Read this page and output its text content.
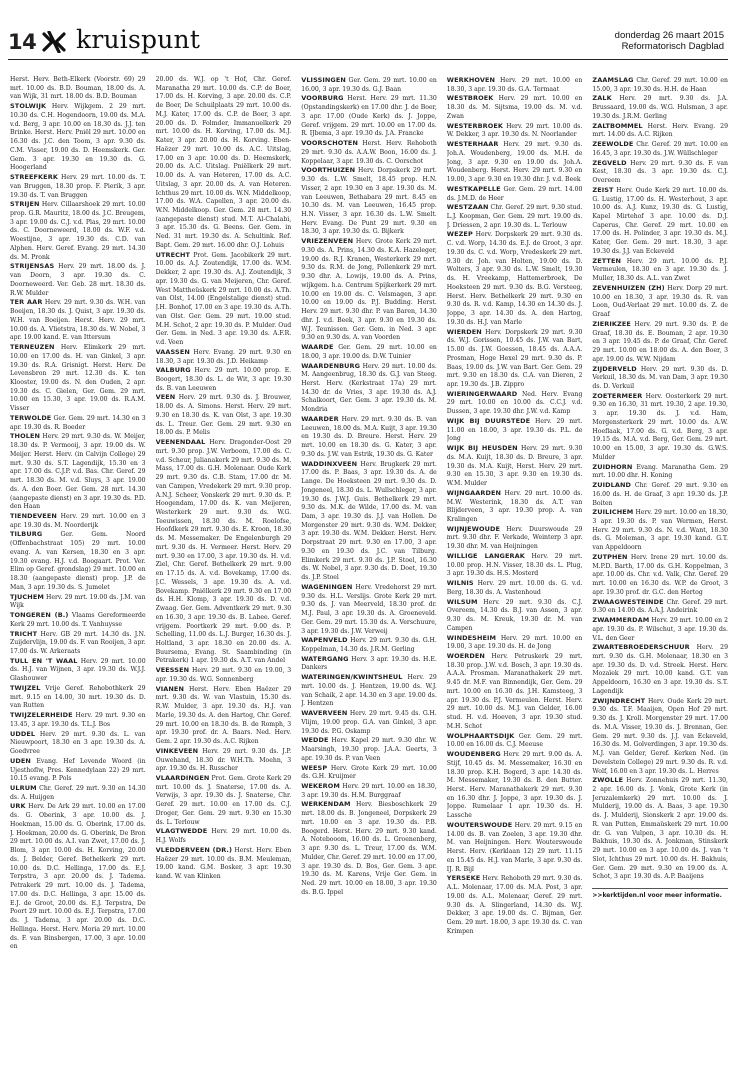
14 kruispunt	donderdag 26 maart 2015
Reformatorisch Dagblad

Herst. Herv. Beth-Elkerk (Voorstr. 69) 29 mrt. 10.00 ds. B.D. Bouman, 18.00 ds. A. van Wijk, 31 mrt. 18.00 ds. B.D. Bouman

STOLWIJK Herv. Wijkgem. 2 29 mrt. 10.30 ds. C.H. Hogendoorn, 19.00 ds. M.A. v.d. Berg, 3 apr. 10.00 en 18.30 ds. J.J. ten Brinke. Herst. Herv. Pniël 29 mrt. 10.00 en 16.30 ds. J.C. den Toom, 3 apr. 9.30 ds. C.M. Visser, 19.00 ds. D. Heemskerk. Ger. Gem. 3 apr. 19.30 en 19.30 ds. G. Hoogerland

STREEFKERK Herv. 29 mrt. 10.00 ds. T. van Bruggen, 18.30 prop. F. Pierik, 3 apr. 19.30 ds. T. van Bruggen

STRIJEN Herv. Cillaarshoek 29 mrt. 10.00 prop. G.R. Mauritz, 18.00 ds. J.C. Breugem, 3 apr. 19.00 ds. C.J. v.d. Plas, 29 mrt. 10.00 ds. C. Doorneweerd, 18.00 ds. W.F. v.d. Woestijne, 3 apr. 19.30 ds. C.D. van Alphen. Herv. Geref. Evang. 29 mrt. 14.30 ds. M. Pronk

STRIJENSAS Herv. 29 mrt. 18.00 ds. J. van Doorn, 3 apr. 19.30 ds. C. Doorneweerd. Ver. Geb. 28 mrt. 18.30 ds. R.W. Mulder

TER AAR Herv. 29 mrt. 9.30 ds. W.H. van Boeijen, 18.30 ds. J. Quist, 3 apr. 19.30 ds. W.H. van Boeijen. Herst. Herv. 29 mrt. 10.00 ds. A. Vlietstra, 18.30 ds. W. Nobel, 3 apr. 19.00 kand. E. van Ittersum

TERNEUZEN Herv. Elimkerk 29 mrt. 10.00 en 17.00 ds. H. van Ginkel, 3 apr. 19.30 ds. R.A. Grisnigt. Herst. Herv. De Levensbron 29 mrt. 12.30 ds. K. ten Klooster, 19.00 ds. N. den Ouden, 2 apr. 19.30 ds. C. Gielen, Ger. Gem. 29 mrt. 10.00 en 15.30, 3 apr. 19.00 ds. R.A.M. Visser

TERWOLDE Ger. Gem. 29 mrt. 14.30 en 3 apr. 19.30 ds. R. Boeder

THOLEN Herv. 29 mrt. 9.30 ds. W. Meijer, 18.30 ds. P. Vermooij, 3 apr. 19.00 ds. W. Meijer. Herst. Herv. (in Calvijn College) 29 mrt. 9.30 ds. S.T. Lagendijk, 15.30 en 3 apr. 17.00 ds. C.J.P. v.d. Bas. Chr. Geref. 29 mrt. 18.30 ds. M. v.d. Sluys, 3 apr. 19.00 ds. A. den Boer. Ger. Gem. 28 mrt. 14.30 (aangepaste dienst) en 3 apr. 19.30 ds. P.D. den Haan

TIENDEVEEN Herv. 29 mrt. 10.00 en 3 apr. 19.30 ds. M. Noorderijk

TILBURG	Ger. Gem. Noord (Offenbachstraat 105) 29 mrt. 10.00 evang. A. van Kersen, 18.30 en 3 apr. 19.30 evang. H.J. v.d. Boogaart. Prot. Ver. Elim op Geref. grondslag) 29 mrt. 10.00 en 18.30 (aangepaste dienst) prop. J.P. de Man, 3 apr. 19.30 ds. S. Jumelet

TJUCHEM Herv. 29 mrt. 19.00 ds. J.M. van Wijk

TONGEREN (B.) Vlaams Gereformeerde Kerk 29 mrt. 10.00 ds. T. Vanhuysse

TRICHT Herv. GB 29 mrt. 14.30 ds. J.N. Zuijdervlijn, 19.00 ds. F. van Rooijen, 3 apr. 17.00 ds. W. Arkeraats

TULL EN 'T WAAL Herv. 29 mrt. 10.00 ds. H.J. van Wijnen, 3 apr. 19.30 ds. W.J.J. Glashouwer

TWIJZEL Vrije Geref. Rehobothkerk 29 mrt. 9.15 en 14.00, 30 mrt. 19.30 ds. D. van Rutten

TWIJZELERHEIDE Herv. 29 mrt. 9.30 en 13.45, 3 apr. 19.30 ds. T.L.J. Bos

UDDEL Herv. 29 mrt. 9.30 ds. L. van Nieuwpoort, 18.30 en 3 apr. 19.30 ds. A. Goedvree

UDEN Evang. Hef Levende Woord (in Ujesthoflw, Pres. Kennedylaan 22) 29 mrt. 10.15 evang. P. Pols

ULRUM Chr. Geref. 29 mrt. 9.30 en 14.30 ds. A. Huijgen

URK Herv. De Ark 29 mrt. 10.00 en 17.00 ds. G. Oberink, 3 apr. 10.00 ds. J. Hoekman, 15.00 ds. G. Oberink, 17.00 ds. J. Hoekman, 20.00 ds. G. Oberink, De Bron 29 mrt. 10.00 ds. A.I. van Zwet, 17.00 ds. J. Blom, 3 apr. 10.00 ds. H. Korving, 20.00 ds. J. Belder, Geref. Bethelkerk 29 mrt. 10.00 ds. D.C. Hellinga, 17.00 ds. E.J. Terpstra, 3 apr. 20.00 ds. J. Tadema. Petrakerk 29 mrt. 10.00 ds. J. Tadema, 17.00 ds. D.C. Hellinga, 3 apr. 15.00 ds. E.J. de Groot, 20.00 ds. E.J. Terpstra, De Poort 29 mrt. 10.00 ds. E.J. Terpstra, 17.00 ds. J. Tadema, 3 apr. 20.00 ds. D.C. Hellinga. Herst. Herv. Moria 29 mrt. 10.00 ds. F. van Binsbergen, 17.00, 3 apr. 10.00 en

20.00 ds. W.J. op 't Hof, Chr. Geref. Maranatha 29 mrt. 10.00 ds. C.P. de Boer, 17.00 ds. H. Korving, 3 apr. 20.00 ds. C.P. de Boer, De Schuilplaats 29 mrt. 10.00 ds. M.J. Kater, 17.00 ds. C.P. de Boer, 3 apr. 20.00 ds. D. Folmder, Immanuelkerk 29 mrt. 10.00 ds. H. Korving, 17.00 ds. M.J. Kater, 3 apr. 20.00 ds. H. Korving. Eben-Haëzer 29 mrt. 10.00 ds. A.C. Uitslag, 17.00 en 3 apr. 10.00 ds. D. Heemskerk, 20.00 ds. A.C. Uitslag. Pniëlkerk 29 mrt. 10.00 ds. A. van Heteren, 17.00 ds. A.C. Uitslag, 3 apr. 20.00 ds. A. van Heteren. Ichthus 29 mrt. 10.00 ds. W.N. Middelkoop, 17.00 ds. W.A. Capellen, 3 apr. 20.00 ds. W.N. Middelkoop. Ger. Gem. 28 mrt. 14.30 (aangepaste dienst) stud. M.T. Al-Chalabi, 3 apr. 15.30 ds. G. Beens. Ger. Gem. in Ned. 31 mrt. 19.30 ds. A. Schultink. Ref. Bapt. Gem. 29 mrt. 16.00 dhr. O.J. Lohuis

UTRECHT Prot. Gem. Jacobikerk 29 mrt. 10.00 ds. A.J. Zoutendijk, 17.00 ds. W.M. Dekker, 2 apr. 19.30 ds. A.J. Zoutendijk, 3 apr. 19.30 ds. G. van Meijeren, Chr. Geref. West Mattheüskerk 29 mrt. 10.00 ds. A.Th. van Olst, 14.00 (Engelstalige dienst) stud. J.H. Bonhof, 17.00 en 3 apr. 19.30 ds. A.Th. van Olst. Ger. Gem. 29 mrt. 19.00 stud. M.H. Schot, 2 apr. 19.30 ds. P. Mulder. Oud Ger. Gem. in Ned. 3 apr. 19.30 ds. A.F.R. v.d. Veen

VAASSEN Herv. Evang. 29 mrt. 9.30 en 18.30, 3 apr. 19.30 ds. J.D. Heikamp

VALBURG Herv. 29 mrt. 10.00 prop. E. Boogert, 18.30 ds. L. de Wit, 3 apr. 19.30 ds. B. van Leeuwen

VEEN Herv. 29 mrt. 9.30 ds. J. Brouwer, 18.00 ds. A. Simons. Herst. Herv. 29 mrt. 9.30 en 18.30 ds. K. van Olst, 3 apr. 19.30 ds. L. Treur. Ger. Gem. 29 mrt. 9.30 en 18.00 ds. P. Melis

VEENENDAAL Herv. Dragonder-Oost 29 mrt. 9.30 prop. J.W. Verboom, 17.00 ds. C. v.d. Scheur, Julianakerk 29 mrt. 9.30 ds. M. Mass, 17.00 ds. G.H. Molenaar. Oude Kerk 29 mrt. 9.30 ds. C.B. Stam, 17.00 dr. M. van Campen, Vredekerk 29 mrt. 9.30 prop. A.N.J. Scheer, Vonskerk 29 mrt. 9.30 ds. P. Hoogendam, 17.00 ds. K. van Meijeren, Westerkerk 29 mrt. 9.30 ds. W.G. Teeuwissen, 18.30 ds. M. Roelofse, Hoofdkerk 29 mrt. 9.30 ds. E. Kroon, 18.30 ds. M. Messemaker. De Engelenburgh 29 mrt. 9.30 ds. H. Vermeer. Herst. Herv. 29 mrt. 9.30 en 17.00, 3 apr. 19.30 ds. H. v.d. Ziel, Chr. Geref. Bethelkerk 29 mrt. 9.00 en 17.15 ds. A. v.d. Bovekamp, 17.00 ds. J.C. Wessels, 3 apr. 19.30 ds. A. v.d. Bovekamp. Pniëlkerk 29 mrt. 9.30 en 17.00 ds. H.H. Klomp, 3 apr. 19.30 ds. D. v.d. Zwaag. Ger. Gem. Adventkerk 29 mrt. 9.30 en 16.30, 3 apr. 19.30 ds. B. Labee. Geref. vrijgem. Poortkerk 29 mrt. 9.00 ds. P. Schelling, 11.00 ds. L.J. Burger, 16.30 ds. J. Holtland, 3 apr. 18.30 en 20.00 ds. A. Buursema, Evang. St. Saambinding (in Petrakerk) 1 apr. 19.30 ds. A.T. van Andel

VEESSEN Herv. 29 mrt. 9.30 en 19.00, 3 apr. 19.30 ds. W.G. Sonnenberg

VIANEN Herst. Herv. Eben Haëzer 29 mrt. 9.30 ds. W. van Vlastuin, 15.30 ds. R.W. Mulder, 3 apr. 19.30 ds. H.J. van Marle, 19.30 ds. A. den Hartog, Chr. Geref. 29 mrt. 10.00 en 18.30 ds. B. de Romph, 3 apr. 19.30 prof. dr. A. Baars. Ned. Herv. Gem. 2 apr. 19.30 ds. A.C. Rijken

VINKEVEEN Herv. 29 mrt. 9.30 ds. J.P. Ouwehand, 18.30 dr. W.H.Th. Moehn, 3 apr. 19.30 ds. H. Russcher

VLAARDINGEN Prot. Gem. Grote Kerk 29 mrt. 10.00 ds. J. Snaterse, 17.00 ds. A. Verwijs, 3 apr. 19.30 ds. J. Snaterse, Chr. Geref. 29 mrt. 10.00 en 17.00 ds. C.J. Droger, Ger. Gem. 29 mrt. 9.30 en 15.30 ds. L. Terlouw

VLAGTWEDDE Herv. 29 mrt. 10.00 ds. H.J. Wolfs

VLEDDERVEEN (DR.) Herst. Herv. Eben Haëzer 29 mrt. 10.00 ds. B.M. Meuleman, 19.00 kand. G.M. Bosker, 3 apr. 19.30 kand. W. van Klinken

VLISSINGEN Ger. Gem. 29 mrt. 10.00 en 16.00, 3 apr. 19.30 ds. G.J. Baan

VOORBURG Herst. Herv. 29 mrt. 11.30 (Opstandingskerk) en 17.00 dhr. J. de Boer, 3 apr. 17.00 (Oude Kerk) ds. J. Joppe, Geref. vrijgem. 29 mrt. 10.00 en 17.00 ds. R. IJbema, 3 apr. 19.30 ds. J.A. Francke

VOORSCHOTEN Herst. Herv. Rehoboth 29 mrt. 9.30 ds. A.A.W. Boon, 16.00 ds. J. Koppelaar, 3 apr. 19.30 ds. C. Oorschot

VOORTHUIZEN Herv. Dorpskerk 29 mrt. 9.30 ds. L.W. Smelt, 18.45 prop. H.N. Visser, 2 apr. 19.30 en 3 apr. 19.30 ds. M. van Leeuwen, Bethabara 29 mrt. 8.45 en 10.30 ds. M. van Leeuwen, 16.45 prop. H.N. Visser, 3 apr. 16.30 ds. L.W. Smelt. Herv. Evang. De Punt 29 mrt. 9.30 en 18.30, 3 apr. 19.30 ds. G. Bijkerk

VRIEZENVEEN Herv. Grote Kerk 29 mrt. 9.30 ds. A. Prins, 14.30 ds. K.A. Hazeleger, 19.00 ds. R.J. Kranen, Westerkerk 29 mrt. 9.30 ds. R.M. de Jong, Pollenkerk 29 mrt. 9.30 dhr. A. Lowijs, 19.00 ds. A. Prins, wijkgem. h.a. Centrum Spijkerkerk 29 mrt. 10.00 en 19.00 ds. C. Velsmagen, 3 apr. 10.00 en 19.00 ds. P.J. Budding. Herst. Herv. 29 mrt. 9.30 dhr. P. van Baren, 14.30 dhr. J. v.d. Beek, 3 apr. 9.30 en 19.30 ds. W.J. Teunissen. Ger. Gem. in Ned. 3 apr. 9.30 en 9.30 ds. A. van Voorden

WAARDE Ger. Gem. 29 mrt. 10.00 en 18.00, 3 apr. 19.00 ds. D.W. Tuinier

WAARDENBURG Herv. 29 mrt. 10.00 ds. M. Aangeenbrug, 18.30 ds. G.J. van Steeg. Herst. Herv. (Kerkstraat 17a) 29 mrt. 14.30 dr. de Vries, 3 apr. 19.30 ds. A.J. Schalkoort, Ger. Gem. 3 apr. 19.30 ds. M. Mondria

WAARDER Herv. 29 mrt. 9.30 ds. B. van Leeuwen, 18.00 ds. M.A. Kuijt, 3 apr. 19.30 en 19.30 ds. D. Breure. Herst. Herv. 29 mrt. 10.00 en 18.30 ds. G. Kater, 3 apr. 9.30 ds. J.W. van Estrik, 19.30 ds. G. Kater

WADDINXVEEN Herv. Brugkerk 29 mrt. 17.00 ds. P. Baas, 3 apr. 19.30 ds. A. de Lange. De Hoeksteen 29 mrt. 9.30 ds. D. Jongeneel, 18.30 ds. L. Wullschleger, 3 apr. 19.30 ds. J.W.J. Guis. Bethelkerk 29 mrt. 9.30 ds. M.K. de Wilde, 17.00 ds. M. van Dam, 3 apr. 19.30 ds. J.J. van Hollen. De Morgenster 29 mrt. 9.30 ds. W.M. Dekker, 3 apr. 19.30 ds. W.M. Dekker. Herst. Herv. Dorpstraat 29 mrt. 9.30 en 17.00, 3 apr. 9.30 en 19.30 ds. J.C. van Tilburg. Elimkerk 29 mrt. 9.30 ds. J.P. Stoel, 16.30 ds. W. Nobel, 3 apr. 9.30 ds. D. Doet, 19.30 ds. J.P. Stoel

WAGENINGEN Herv. Vredehorst 29 mrt. 9.30 ds. H.L. Verslijs. Grote Kerk 29 mrt. 9.30 ds. J. van Meerveld, 18.30 prof. dr. M.J. Paul, 3 apr. 19.30 ds. A. Groeneveld. Ger. Gem. 29 mrt. 15.30 ds. A. Verschuure, 3 apr. 19.30 ds. J.W. Verweij

WAPENVELD Herv. 29 mrt. 9.30 ds. G.H. Koppelman, 14.30 ds. J.R.M. Gerling

WATERGANG Herv. 3 apr. 19.30 ds. H.E. Dankers

WATERINGEN/KWINTSHEUL Herv. 29 mrt. 10.00 ds. J. Hentzen, 19.00 ds. W.J. van Schaik, 2 apr. 14.30 en 3 apr. 19.00 ds. J. Hentzen

WAVERVEEN Herv. 29 mrt. 9.45 ds. G.H. Vlijm, 19.00 prop. G.A. van Ginkel, 3 apr. 19.30 ds. P.G. Oskamp

WEDDE Herv. Kapel 29 mrt. 9.30 dhr. W. Maarsingh, 19.30 prop. J.A.A. Geerts, 3 apr. 19.30 ds. P. van Veen

WEESP Herv. Grote Kerk 29 mrt. 10.00 ds. G.H. Kruijmer

WEKEROM Herv. 29 mrt. 10.00 en 18.30, 3 apr. 19.30 ds. H.M. Burggraaf

WERKENDAM Herv. Biesboschkerk 29 mrt. 18.00 ds. B. Jongeneel, Dorpskerk 29 mrt. 10.00 en 3 apr. 19.30 ds. P.B. Boogerd. Herst. Herv. 29 mrt. 9.30 kand. A. Notebooom, 16.00 ds. L. Groenenberg, 3 apr. 9.30 ds. L. Treur, 17.00 ds. W.M. Mulder, Chr. Geref. 29 mrt. 10.00 en 17.00, 3 apr. 19.30 ds. D. Bos, Ger. Gem. 3 apr. 19.30 ds. M. Karens, Vrije Ger. Gem. in Ned. 29 mrt. 10.00 en 18.00, 3 apr. 19.30 ds. B.G. Ippel

WERKHOVEN Herv. 29 mrt. 10.00 en 18.30, 3 apr. 19.30 ds. G.A. Termaat

WESTBROEK Herv. 29 mrt. 10.00 en 18.30 ds. M. Sijtsma, 19.00 ds. M. v.d. Zwan

WESTERBROEK Herv. 29 mrt. 10.00 ds. W. Dekker, 3 apr. 19.30 ds. N. Noorlander

WESTERHAAR Herv. 29 mrt. 9.30 ds. Joh.A. Woudenberg, 19.00 ds. M.H. de Jong, 3 apr. 9.30 en 19.00 ds. Joh.A. Woudenberg. Herst. Herv. 29 mrt. 9.30 en 19.00, 3 apr. 9.30 en 19.30 dhr. J. v.d. Beek

WESTKAPELLE Ger. Gem. 29 mrt. 14.00 ds. J.M.D. de Heer

WESTZAAN Chr. Geref. 29 mrt. 9.30 stud. L.J. Koopman, Ger. Gem. 29 mrt. 19.00 ds. J. Driessen, 2 apr. 19.30 ds. L. Terlouw

WEZEP Herv. Dorpskerk 29 mrt. 9.30 ds. C. v.d. Worp, 14.30 ds. E.J. de Groot, 3 apr. 19.30 ds. C. v.d. Worp, Vredeskerk 29 mrt. 9.30 dr. Joh. van Holten, 19.00 ds. D. Wolters, 3 apr. 9.30 ds. L.W. Smelt, 19.30 ds. H. Vreekamp, Hattemerbroek, De Hoeksteen 29 mrt. 9.30 ds. B.G. Versteeg, Herst. Herv. Bethelkerk 29 mrt. 9.30 en 9.30 ds. R. v.d. Kamp, 14.30 en 14.30 ds. J. Joppe, 3 apr. 14.30 ds. A. den Hartog, 19.30 ds. H.J. van Marle

WIERDEN Herv. Dorpskerk 29 mrt. 9.30 ds. W.J. Gorissen, 10.45 ds. J.W. van Bart, 15.00 ds. J.W. Goessen, 18.45 ds. A.A.A. Prosman, Hoge Hexel 29 mrt. 9.30 ds. P. Baas, 19.00 ds. J.W. van Bart. Ger. Gem. 29 mrt. 9.30 en 18.30 ds. C.A. van Dieren, 2 apr. 19.30 ds. J.B. Zippro

WIERINGERWAARD Ned. Herv. Evang 29 mrt. 10.00 en 10.00 ds. C.C.J. v.d. Dussen, 3 apr. 19.30 dhr. J.W. v.d. Kamp

WIJK BIJ DUURSTEDE Herv. 29 mrt. 11.00 en 18.00, 3 apr. 19.30 ds. P.L. de Jong

WIJK BIJ HEUSDEN Herv. 29 mrt. 9.30 ds. M.A. Kuijt, 18.30 ds. D. Breure, 3 apr. 19.30 ds. M.A. Kuijt, Herst. Herv. 29 mrt. 9.30 en 15.30, 3 apr. 9.30 en 19.30 ds. W.M. Mulder

WIJNGAARDEN Herv. 29 mrt. 10.00 ds. M.W. Westerink, 18.30 ds. A.T. van Blijderveen, 3 apr. 19.30 prop. A. van Kralingen

WIJNJEWOUDE Herv. Duurswoude 29 mrt. 9.30 dhr. F. Verkade, Weinterp 3 apr. 19.30 dhr. M. van Heijningen

WILLIGE LANGERAK Herv. 29 mrt. 10.00 prop. H.N. Visser, 18.30 ds. L. Plug, 3 apr. 19.30 ds. H.S. Mosterd

WILNIS Herv. 29 mrt. 10.00 ds. G. v.d. Berg, 18.30 ds. A. Vastenhoud

WILSUM Herv. 29 mrt. 9.30 ds. C.J. Overeem, 14.30 ds. B.J. van Assen, 3 apr. 9.30 ds. M. Kreuk, 19.30 dr. M. van Campen

WINDESHEIM Herv. 29 mrt. 10.00 en 19.00, 3 apr. 19.30 ds. H. de Jong

WOERDEN Herv. Petruskerk 29 mrt. 18.30 prop. J.W. v.d. Bosch, 3 apr. 19.30 ds. A.A.A. Prosman. Maranathakerk 29 mrt. 9.45 dr. M.F. van Binnendijk, Ger. Gem. 29 mrt. 10.00 en 16.30 ds. J.H. Kamsteeg, 3 apr. 19.30 ds. P.J. Vermeulen. Herst. Herv. 29 mrt. 10.00 ds. M.J. van Gelder, 16.00 stud. H. v.d. Hoeven, 3 apr. 19.30 stud. M.H. Schot

WOLPHAARTSDIJK Ger. Gem. 29 mrt. 10.00 en 16.00 ds. C.J. Meeuse

WOUDENBERG Herv. 29 mrt. 9.00 ds. A. Stijf, 10.45 ds. M. Messemaker, 16.30 en 18.30 prop. K.H. Bogerd, 3 apr. 14.30 ds. M. Messemaker, 19.30 ds. B. den Butter. Herst. Herv. Maranathakerk 29 mrt. 9.30 en 16.30 dhr. J. Joppe, 3 apr. 19.30 ds. J. Joppe. Rumelaar 1 apr. 19.30 ds. H. Lassche

WOUTERSWOUDE Herv. 29 mrt. 9.15 en 14.00 ds. B. van Zoelen, 3 apr. 19.30 dhr. M. van Heijningen. Herv. Wouterswoude Herst. Herv. (Kerklaan 12) 29 mrt. 11.15 en 15.45 ds. H.J. van Marle, 3 apr. 9.30 ds. IJ. R. Bijl

YERSEKE Herv. Rehoboth 29 mrt. 9.30 ds. A.L. Molenaar, 17.00 ds. M.A. Post, 3 apr. 19.00 ds. A.L. Molenaar, Geref. 29 mrt. 9.30 ds. A. Slingerland, 14.30 ds. W.J. Dekker, 3 apr. 19.00 ds. C. Bijman, Ger. Gem. 29 mrt. 18.00, 3 apr. 19.30 ds. C. van Krimpen

ZAAMSLAG Chr. Geref. 29 mrt. 10.00 en 15.00, 3 apr. 19.30 ds. H.H. de Haan

ZALK Herv. 29 mrt. 9.30 ds. J.A. Brussaard, 19.00 ds. W.G. Hulsman, 3 apr. 19.30 ds. J.R.M. Gerling

ZALTBOMMEL Herst. Herv. Evang. 29 mrt. 14.00 ds. A.C. Rijken

ZEEWOLDE Chr. Geref. 29 mrt. 10.00 en 16.45, 3 apr. 19.30 ds. J.W. Wüllschleger

ZEGVELD Herv. 29 mrt. 9.30 ds. F. van Kest, 18.30 ds. 3 apr. 19.30 ds. C.J. Overeem

ZEIST Herv. Oude Kerk 29 mrt. 10.00 ds. G. Lustig, 17.00 ds. H. Westerhout, 3 apr. 10.00 ds. A.J. Kunz, 19.30 ds. G. Lustig, Kapel Mirtehof 3 apr. 10.00 ds. D.J. Caperus, Chr. Geref. 29 mrt. 10.00 en 17.00 ds. H. Polinder, 3 apr. 19.30 ds. M.J. Kater, Ger. Gem. 29 mrt. 18.30, 3 apr. 19.30 ds. J.J. van Eckeveld

ZETTEN Herv. 29 mrt. 10.00 ds. P.J. Vermeulen, 18.30 en 3 apr. 19.30 ds. J. Muller, 18.30 ds. A.L. van Zwet

ZEVENHUIZEN (ZH) Herv. Dorp 29 mrt. 10.00 en 18.30, 3 apr. 19.30 ds. R. van Loon, Oud-Verlaat 29 mrt. 10.00 ds. Z. de Graaf

ZIERIKZEE Herv. 29 mrt. 9.30 ds. P. de Graaf, 18.30 ds. E. Bouman, 2 apr. 19.30 en 3 apr. 19.45 ds. P. de Graaf, Chr. Geref. 29 mrt. 10.00 en 18.00 ds. A. den Boer, 3 apr. 19.00 ds. W.W. Nijdam

ZIJDERVELD Herv. 29 mrt. 9.30 ds. D. Verkuil, 18.30 ds. M. van Dam, 3 apr. 19.30 ds. D. Verkuil

ZOETERMEER Herv. Oosterkerk 29 mrt. 9.30 en 16.30, 31 mrt. 19.30, 2 apr. 19.30, 3 apr. 19.30 ds. J. v.d. Ham, Morgensterkerk 29 mrt. 10.00 ds. A.W. Hoeflaak, 17.00 ds. G. v.d. Berg, 3 apr. 19.15 ds. M.A. v.d. Berg, Ger. Gem. 29 mrt. 10.00 en 15.00, 3 apr. 19.30 ds. G.W.S. Mulder

ZUIDHORN Evang. Maranatha Gem. 29 mrt. 10.00 dhr. H. Koning

ZUIDLAND Chr. Geref. 29 mrt. 9.30 en 16.00 ds. H. de Graaf, 3 apr. 19.30 ds. J.P. Boiten

ZUILICHEM Herv. 29 mrt. 10.00 en 18.30, 3 apr. 19.30 ds. P. van Wermen, Herst. Herv. 29 mrt. 9.30 ds. N. v.d. Want, 18.30 ds. G. Moleman, 3 apr. 19.30 kand. G.T. van Appeldoorn

ZUTPHEN Herv. Irene 29 mrt. 10.00 ds. M.P.D. Barth, 17.00 ds. G.H. Koppelman, 3 apr. 10.00 ds. Chr. v.d. Valk, Chr. Geref. 29 mrt. 10.00 en 16.30 ds. W.P. de Groot, 3 apr. 19.30 prof. dr. G.C. den Hertog

ZWAAGWESTEINDE Chr. Geref. 29 mrt. 9.30 en 14.00 ds. A.A.J. Andeirink

ZWAMMERDAM Herv. 29 mrt. 10.00 en 2 apr. 19.30 ds. P. Wilschut, 3 apr. 19.30 ds. V.L. den Geer

ZWARTEBROEDERSCHUUR Herv. 29 mrt. 9.30 ds. G.H. Molenaar, 18.30 en 3 apr. 19.30 ds. D. v.d. Streek. Herst. Herv. Mozaïek 29 mrt. 10.00 kand. G.T. van Appeldoorn, 16.30 en 3 apr. 19.30 ds. S.T. Lagendijk

ZWIJNDRECHT Herv. Oude Kerk 29 mrt. 9.30 ds. T.F. Maaijen, Open Hof 29 mrt. 9.30 ds. J. Kroll. Morgenster 29 mrt. 17.00 ds. M.A. Visser, 19.30 ds. J. Brennan, Ger. Gem. 29 mrt. 9.30 ds. J.J. van Eckeveld, 16.30 ds. M. Golverdingen, 3 apr. 19.30 ds. M.J. van Gelder, Geref. Kerken Ned. (in Develstein College) 29 mrt. 9.30 ds. R. v.d. Wolf, 16.00 en 3 apr. 19.30 ds. L. Herres

ZWOLLE Herv. Zonnehuis 29 mrt. 11.30, 2 apr. 16.00 ds. J. Vonk, Grote Kerk (in Jeruzalemkerk) 29 mrt. 10.00 ds. J. Mulderij, 19.00 ds. A. Baas, 3 apr. 19.30 ds. J. Mulderij, Sionskerk 2 apr. 19.00 ds. R. van Putten, Emmaüskerk 29 mrt. 10.00 dr. G. van Vulpen, 3 apr. 10.30 ds. H. Bakhuis, 19.30 ds. A. Jonkman, Stinskerk 29 mrt. 10.00 en 3 apr. 10.00 ds. J. van 't Slot, Ichthus 29 mrt. 10.00 ds. H. Bakhuis, Ger. Gem. 29 mrt. 9.30 en 19.00 ds. A. Schot, 3 apr. 19.30 ds. A.P. Baaijens

>>kerktijden.nl voor meer informatie.
